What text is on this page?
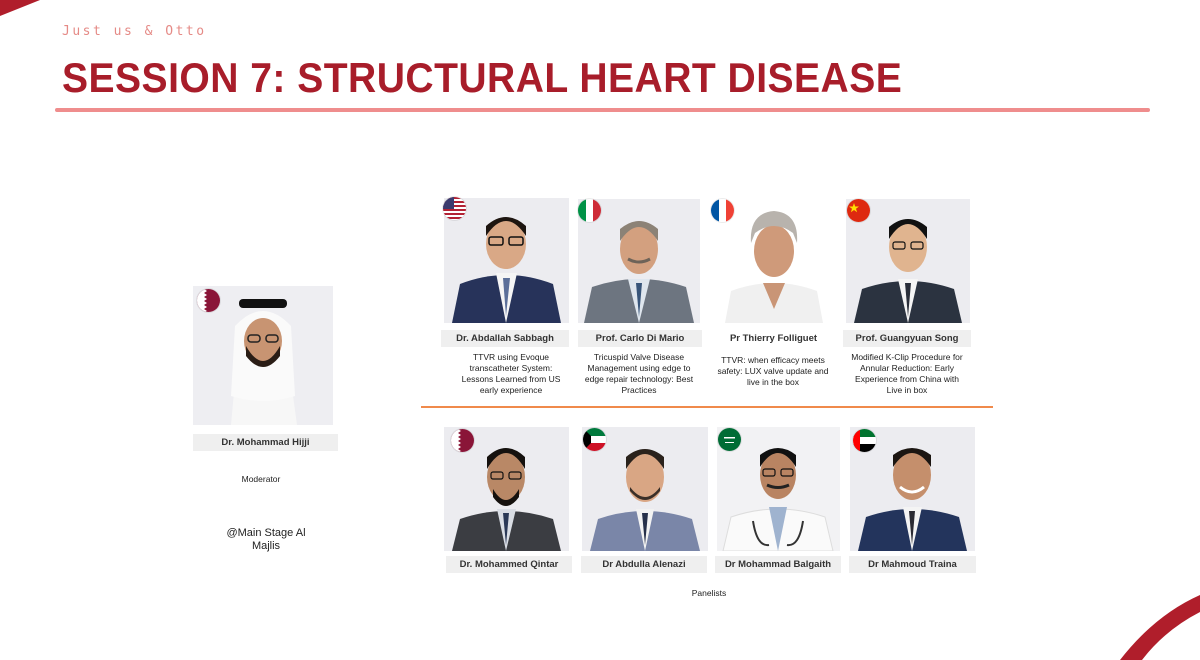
Just us & Otto
SESSION 7: STRUCTURAL HEART DISEASE
Dr. Mohammad Hijji
Moderator
@Main Stage Al Majlis
Dr. Abdallah Sabbagh
TTVR using Evoque transcatheter System: Lessons Learned from US early experience
Prof. Carlo Di Mario
Tricuspid Valve Disease Management using edge to edge repair technology: Best Practices
Pr Thierry Folliguet
TTVR: when efficacy meets safety: LUX valve update and live in the box
Prof. Guangyuan Song
Modified K-Clip Procedure for Annular Reduction: Early Experience from China with Live in box
Dr. Mohammed Qintar	Dr Abdulla Alenazi	Dr Mohammad Balgaith	Dr Mahmoud Traina
Panelists
